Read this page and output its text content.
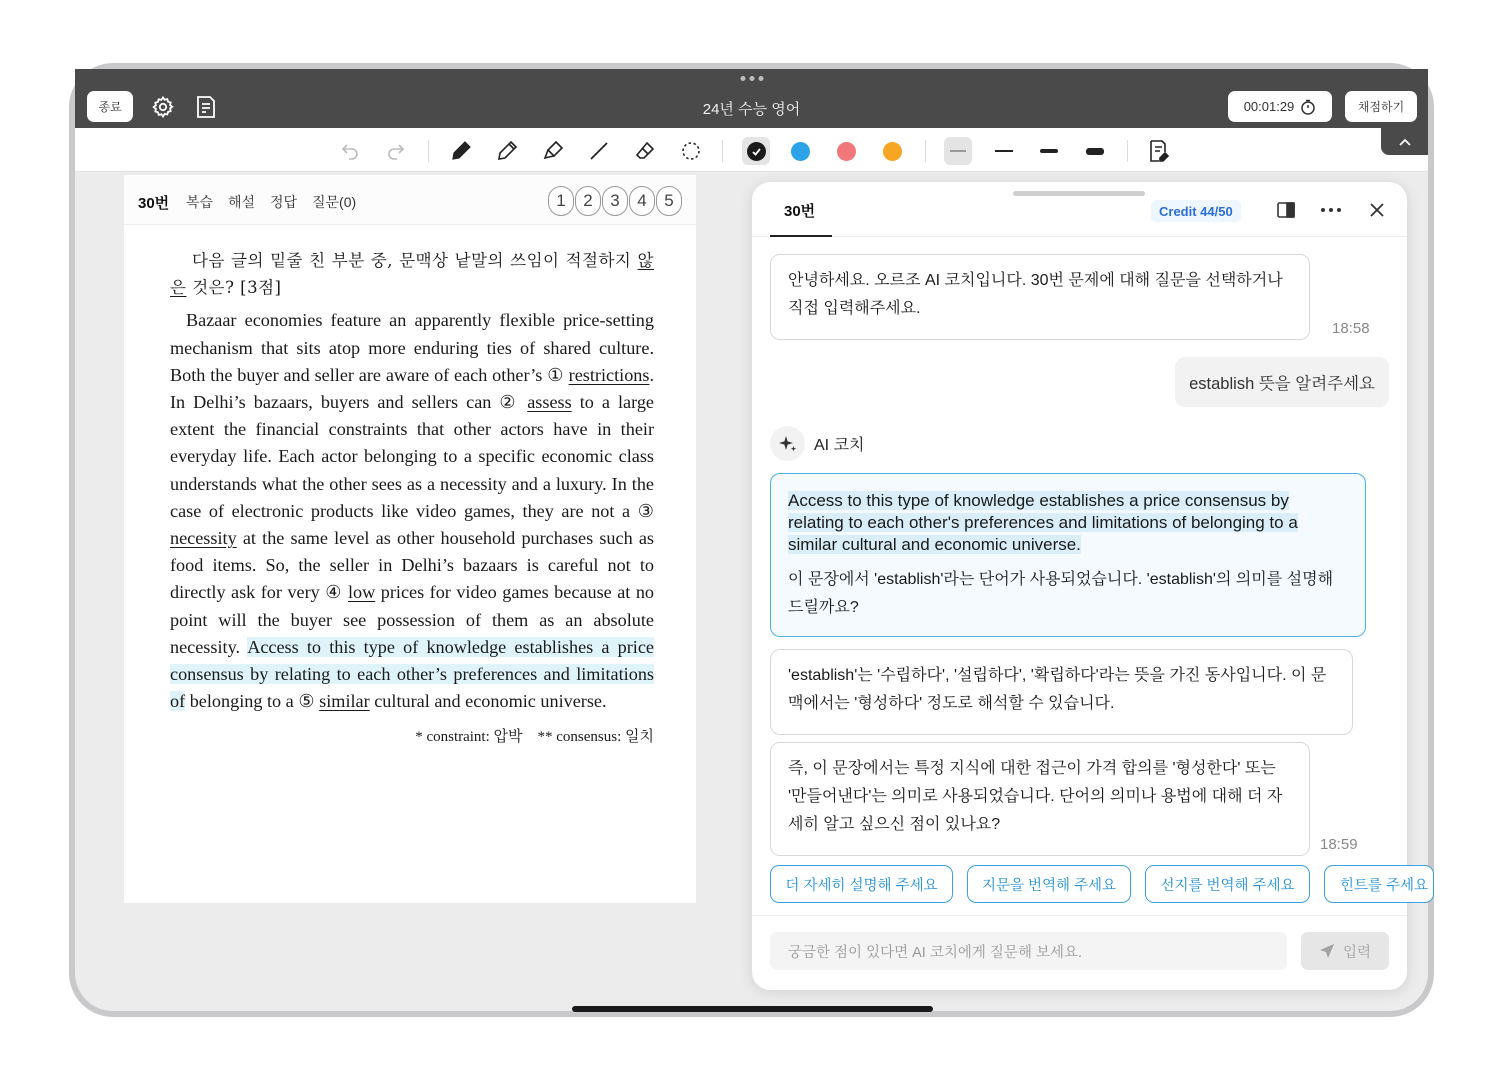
종료	24년 수능 영어	00:01:29	채점하기
30번 복습 해설 정답 질문(0)	1	2	3	4	5

다음 글의 밑줄 친 부분 중, 문맥상 낱말의 쓰임이 적절하지 않은 것은? [3점]

Bazaar economies feature an apparently flexible price-setting mechanism that sits atop more enduring ties of shared culture. Both the buyer and seller are aware of each other’s ① restrictions. In Delhi’s bazaars, buyers and sellers can ② assess to a large extent the financial constraints that other actors have in their everyday life. Each actor belonging to a specific economic class understands what the other sees as a necessity and a luxury. In the case of electronic products like video games, they are not a ③ necessity at the same level as other household purchases such as food items. So, the seller in Delhi’s bazaars is careful not to directly ask for very ④ low prices for video games because at no point will the buyer see possession of them as an absolute necessity. Access to this type of knowledge establishes a price consensus by relating to each other’s preferences and limitations of belonging to a ⑤ similar cultural and economic universe.

* constraint: 압박 ** consensus: 일치

30번	Credit 44/50
안녕하세요. 오르조 AI 코치입니다. 30번 문제에 대해 질문을 선택하거나 직접 입력해주세요.
18:58
establish 뜻을 알려주세요
AI 코치
Access to this type of knowledge establishes a price consensus by relating to each other's preferences and limitations of belonging to a similar cultural and economic universe.
이 문장에서 'establish'라는 단어가 사용되었습니다. 'establish'의 의미를 설명해 드릴까요?
'establish'는 '수립하다', '설립하다', '확립하다'라는 뜻을 가진 동사입니다. 이 문맥에서는 '형성하다' 정도로 해석할 수 있습니다.
즉, 이 문장에서는 특정 지식에 대한 접근이 가격 합의를 '형성한다' 또는 '만들어낸다'는 의미로 사용되었습니다. 단어의 의미나 용법에 대해 더 자세히 알고 싶으신 점이 있나요?
18:59
더 자세히 설명해 주세요	지문을 번역해 주세요	선지를 번역해 주세요	힌트를 주세요
궁금한 점이 있다면 AI 코치에게 질문해 보세요.	입력
